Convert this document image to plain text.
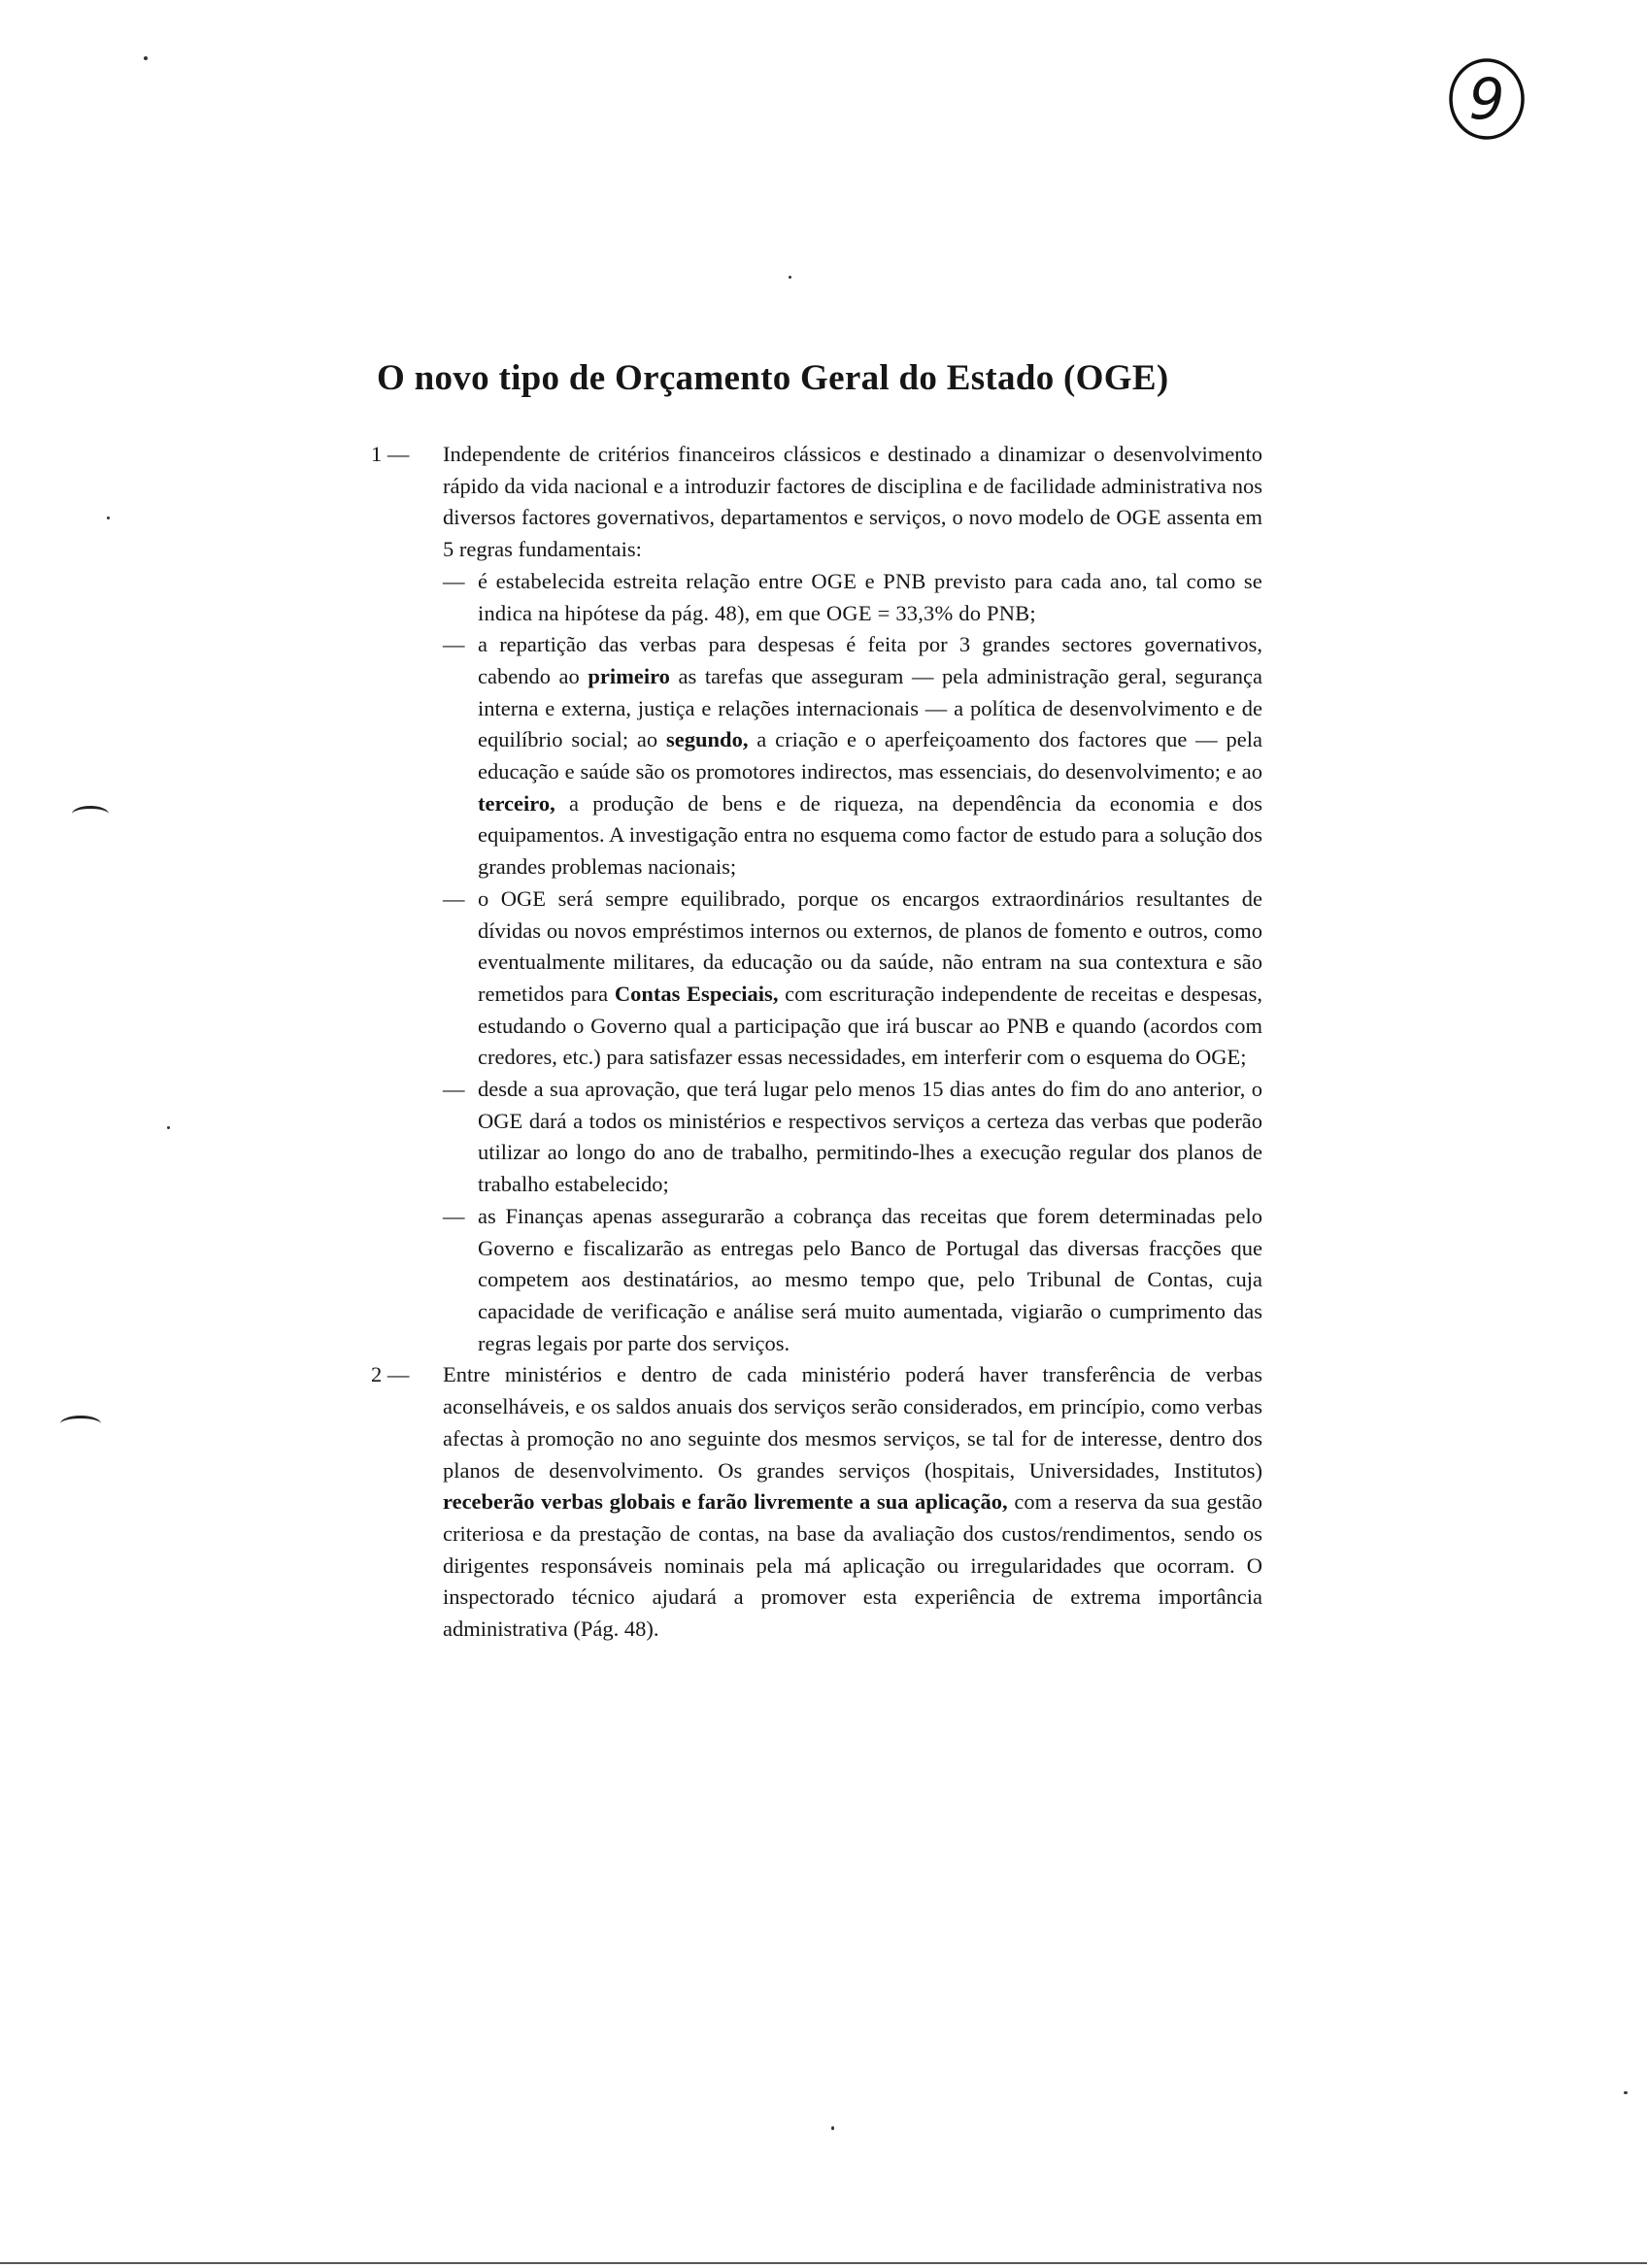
9
O novo tipo de Orçamento Geral do Estado (OGE)
1 — Independente de critérios financeiros clássicos e destinado a dinamizar o desenvolvimento rápido da vida nacional e a introduzir factores de disciplina e de facilidade administrativa nos diversos factores governativos, departamentos e serviços, o novo modelo de OGE assenta em 5 regras fundamentais:

— é estabelecida estreita relação entre OGE e PNB previsto para cada ano, tal como se indica na hipótese da pág. 48), em que OGE = 33,3% do PNB;

— a repartição das verbas para despesas é feita por 3 grandes sectores governativos, cabendo ao primeiro as tarefas que asseguram — pela administração geral, segurança interna e externa, justiça e relações internacionais — a política de desenvolvimento e de equilíbrio social; ao segundo, a criação e o aperfeiçoamento dos factores que — pela educação e saúde são os promotores indirectos, mas essenciais, do desenvolvimento; e ao terceiro, a produção de bens e de riqueza, na dependência da economia e dos equipamentos. A investigação entra no esquema como factor de estudo para a solução dos grandes problemas nacionais;

— o OGE será sempre equilibrado, porque os encargos extraordinários resultantes de dívidas ou novos empréstimos internos ou externos, de planos de fomento e outros, como eventualmente militares, da educação ou da saúde, não entram na sua contextura e são remetidos para Contas Especiais, com escrituração independente de receitas e despesas, estudando o Governo qual a participação que irá buscar ao PNB e quando (acordos com credores, etc.) para satisfazer essas necessidades, em interferir com o esquema do OGE;

— desde a sua aprovação, que terá lugar pelo menos 15 dias antes do fim do ano anterior, o OGE dará a todos os ministérios e respectivos serviços a certeza das verbas que poderão utilizar ao longo do ano de trabalho, permitindo-lhes a execução regular dos planos de trabalho estabelecido;

— as Finanças apenas assegurarão a cobrança das receitas que forem determinadas pelo Governo e fiscalizarão as entregas pelo Banco de Portugal das diversas fracções que competem aos destinatários, ao mesmo tempo que, pelo Tribunal de Contas, cuja capacidade de verificação e análise será muito aumentada, vigiarão o cumprimento das regras legais por parte dos serviços.

2 — Entre ministérios e dentro de cada ministério poderá haver transferência de verbas aconselháveis, e os saldos anuais dos serviços serão considerados, em princípio, como verbas afectas à promoção no ano seguinte dos mesmos serviços, se tal for de interesse, dentro dos planos de desenvolvimento. Os grandes serviços (hospitais, Universidades, Institutos) receberão verbas globais e farão livremente a sua aplicação, com a reserva da sua gestão criteriosa e da prestação de contas, na base da avaliação dos custos/rendimentos, sendo os dirigentes responsáveis nominais pela má aplicação ou irregularidades que ocorram. O inspectorado técnico ajudará a promover esta experiência de extrema importância administrativa (Pág. 48).
